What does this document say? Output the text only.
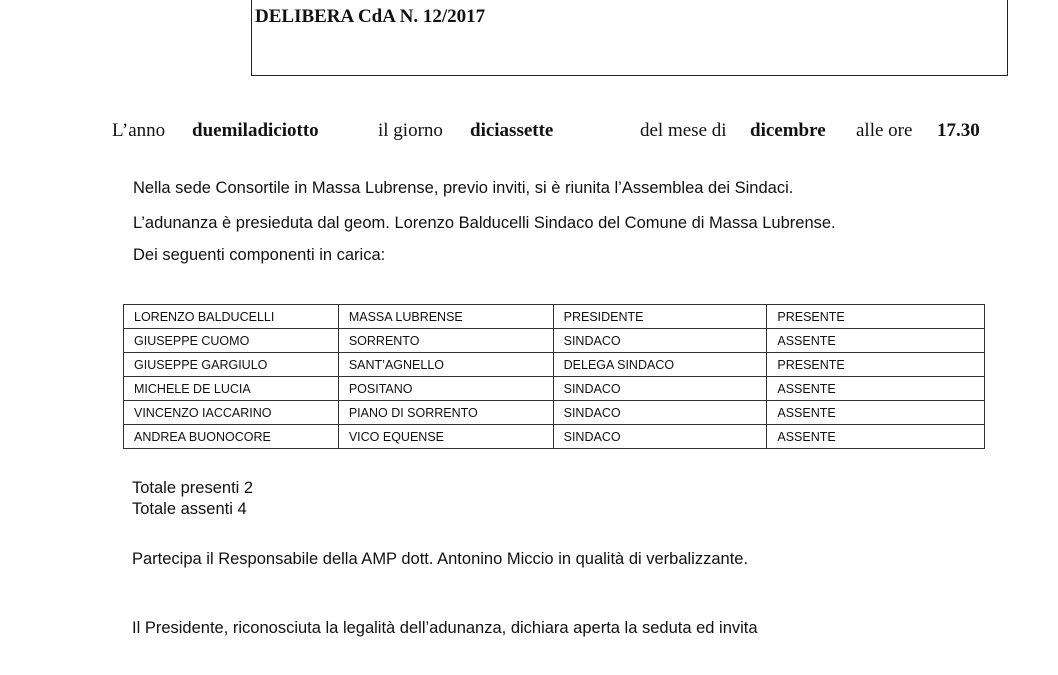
DELIBERA CdA N. 12/2017
L’anno duemiladiciotto	il giorno diciassette	del mese di dicembre alle ore 17.30
Nella sede Consortile in Massa Lubrense, previo inviti, si è riunita l’Assemblea dei Sindaci.
L’adunanza è presieduta dal geom. Lorenzo Balducelli Sindaco del Comune di Massa Lubrense.
Dei seguenti componenti in carica:
LORENZO BALDUCELLI	MASSA LUBRENSE	PRESIDENTE	PRESENTE
GIUSEPPE CUOMO	SORRENTO	SINDACO	ASSENTE
GIUSEPPE GARGIULO	SANT’AGNELLO	DELEGA SINDACO	PRESENTE
MICHELE DE LUCIA	POSITANO	SINDACO	ASSENTE
VINCENZO IACCARINO	PIANO DI SORRENTO	SINDACO	ASSENTE
ANDREA BUONOCORE	VICO EQUENSE	SINDACO	ASSENTE
Totale presenti 2
Totale assenti 4
Partecipa il Responsabile della AMP dott. Antonino Miccio in qualità di verbalizzante.
Il Presidente, riconosciuta la legalità dell’adunanza, dichiara aperta la seduta ed invita
